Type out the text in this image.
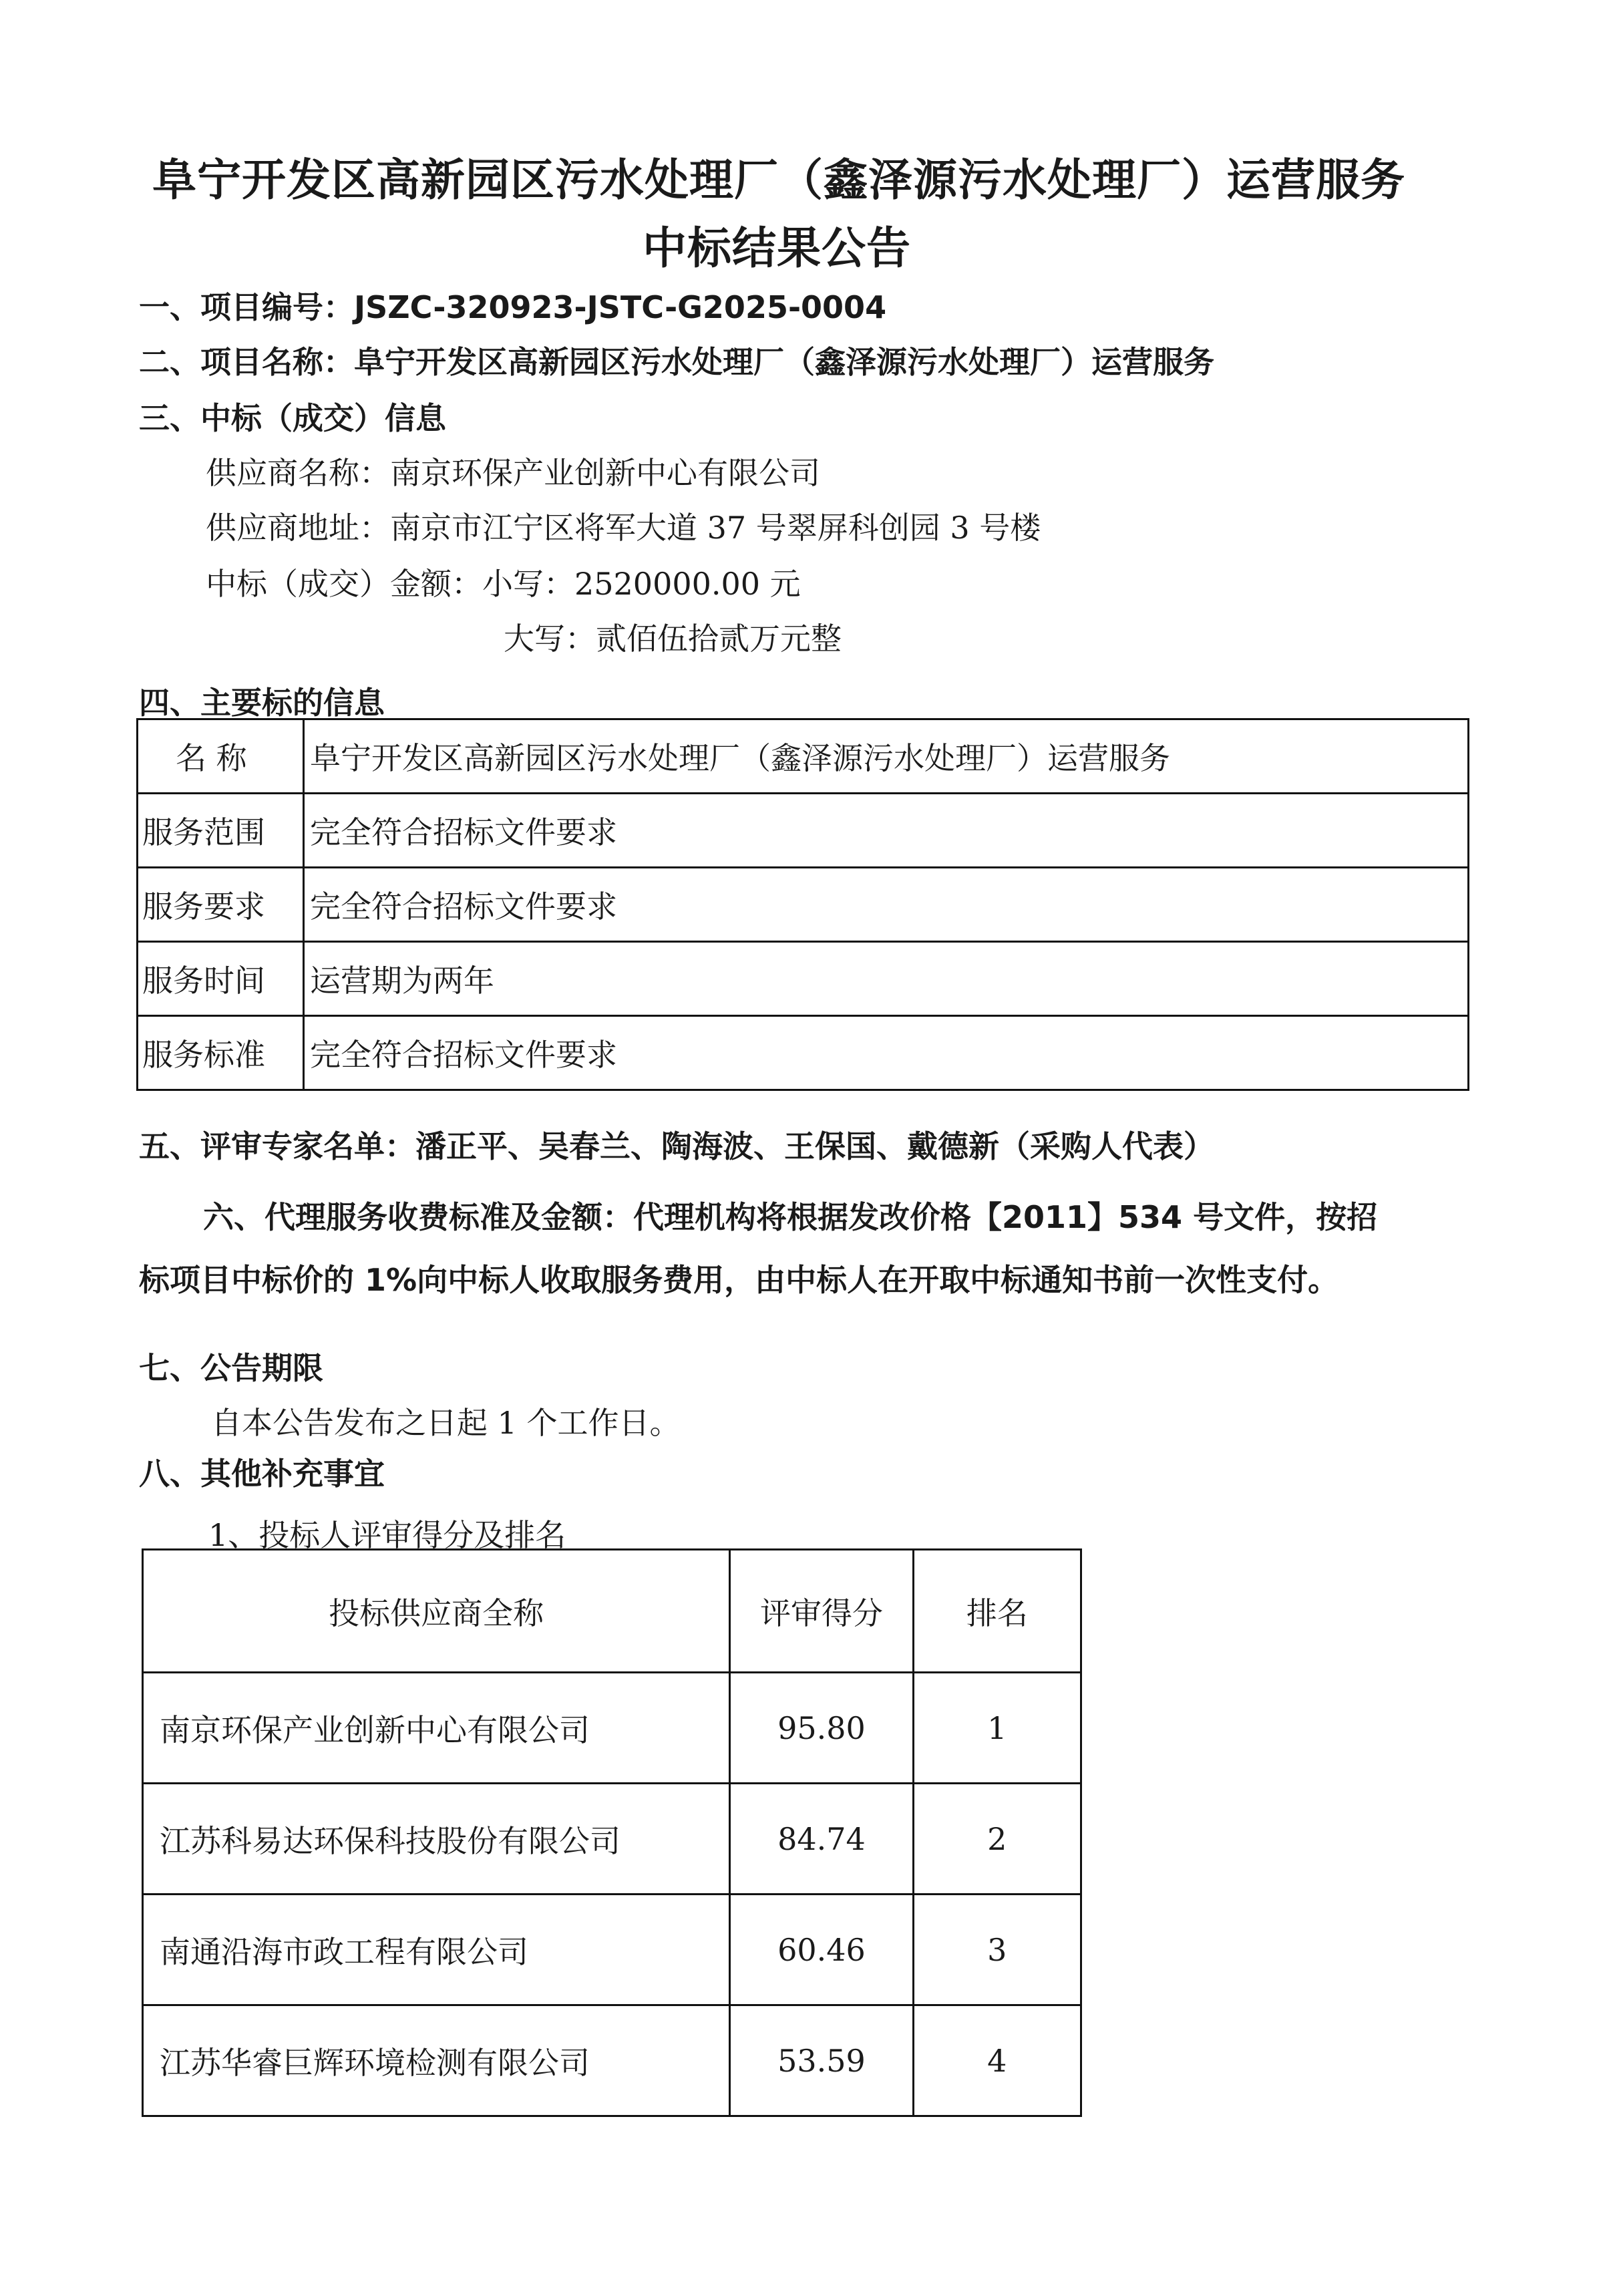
阜宁开发区高新园区污水处理厂（鑫泽源污水处理厂）运营服务
中标结果公告
一、项目编号：JSZC-320923-JSTC-G2025-0004
二、项目名称：阜宁开发区高新园区污水处理厂（鑫泽源污水处理厂）运营服务
三、中标（成交）信息
供应商名称：南京环保产业创新中心有限公司
供应商地址：南京市江宁区将军大道 37 号翠屏科创园 3 号楼
中标（成交）金额：小写：2520000.00 元
大写：贰佰伍拾贰万元整
四、主要标的信息
名 称	阜宁开发区高新园区污水处理厂（鑫泽源污水处理厂）运营服务
服务范围	完全符合招标文件要求
服务要求	完全符合招标文件要求
服务时间	运营期为两年
服务标准	完全符合招标文件要求
五、评审专家名单：潘正平、吴春兰、陶海波、王保国、戴德新（采购人代表）
六、代理服务收费标准及金额：代理机构将根据发改价格【2011】534 号文件，按招
标项目中标价的 1%向中标人收取服务费用，由中标人在开取中标通知书前一次性支付。
七、公告期限
自本公告发布之日起 1 个工作日。
八、其他补充事宜
1、投标人评审得分及排名
投标供应商全称	评审得分	排名
南京环保产业创新中心有限公司	95.80	1
江苏科易达环保科技股份有限公司	84.74	2
南通沿海市政工程有限公司	60.46	3
江苏华睿巨辉环境检测有限公司	53.59	4
